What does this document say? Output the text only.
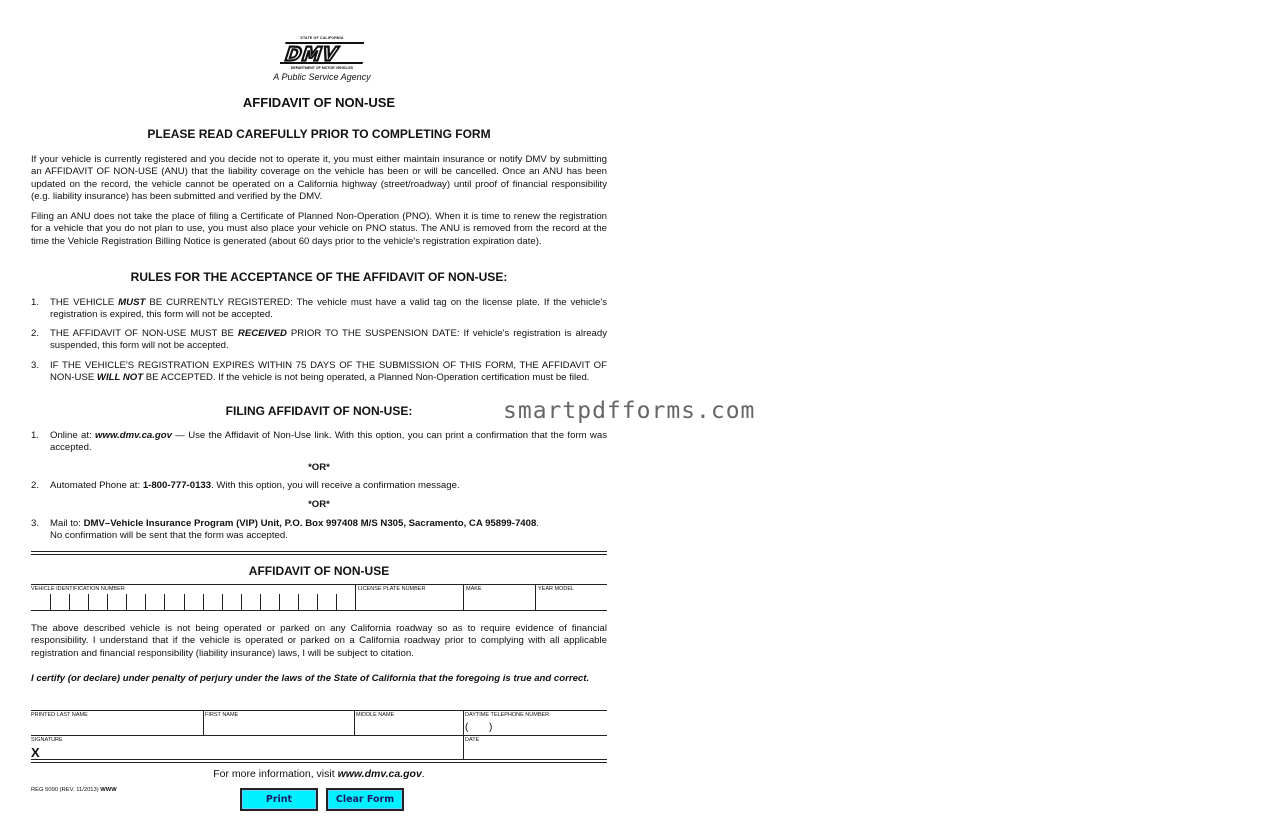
STATE OF CALIFORNIA
DMV
DEPARTMENT OF MOTOR VEHICLES
A Public Service Agency
AFFIDAVIT OF NON-USE
PLEASE READ CAREFULLY PRIOR TO COMPLETING FORM

If your vehicle is currently registered and you decide not to operate it, you must either maintain insurance or notify DMV by submitting an AFFIDAVIT OF NON-USE (ANU) that the liability coverage on the vehicle has been or will be cancelled. Once an ANU has been updated on the record, the vehicle cannot be operated on a California highway (street/roadway) until proof of financial responsibility (e.g. liability insurance) has been submitted and verified by the DMV.

Filing an ANU does not take the place of filing a Certificate of Planned Non-Operation (PNO). When it is time to renew the registration for a vehicle that you do not plan to use, you must also place your vehicle on PNO status. The ANU is removed from the record at the time the Vehicle Registration Billing Notice is generated (about 60 days prior to the vehicle's registration expiration date).

RULES FOR THE ACCEPTANCE OF THE AFFIDAVIT OF NON-USE:
1. THE VEHICLE MUST BE CURRENTLY REGISTERED: The vehicle must have a valid tag on the license plate. If the vehicle's registration is expired, this form will not be accepted.
2. THE AFFIDAVIT OF NON-USE MUST BE RECEIVED PRIOR TO THE SUSPENSION DATE: If vehicle's registration is already suspended, this form will not be accepted.
3. IF THE VEHICLE'S REGISTRATION EXPIRES WITHIN 75 DAYS OF THE SUBMISSION OF THIS FORM, THE AFFIDAVIT OF NON-USE WILL NOT BE ACCEPTED. If the vehicle is not being operated, a Planned Non-Operation certification must be filed.
FILING AFFIDAVIT OF NON-USE:
1. Online at: www.dmv.ca.gov — Use the Affidavit of Non-Use link. With this option, you can print a confirmation that the form was accepted.
*OR*
2. Automated Phone at: 1-800-777-0133. With this option, you will receive a confirmation message.
*OR*
3. Mail to: DMV–Vehicle Insurance Program (VIP) Unit, P.O. Box 997408 M/S N305, Sacramento, CA 95899-7408.
No confirmation will be sent that the form was accepted.
AFFIDAVIT OF NON-USE
VEHICLE IDENTIFICATION NUMBER	LICENSE PLATE NUMBER	MAKE	YEAR MODEL

The above described vehicle is not being operated or parked on any California roadway so as to require evidence of financial responsibility. I understand that if the vehicle is operated or parked on a California roadway prior to complying with all applicable registration and financial responsibility (liability insurance) laws, I will be subject to citation.

I certify (or declare) under penalty of perjury under the laws of the State of California that the foregoing is true and correct.

PRINTED LAST NAME	FIRST NAME	MIDDLE NAME	DAYTIME TELEPHONE NUMBER
( )
SIGNATURE
X
DATE
For more information, visit www.dmv.ca.gov.
REG 5090 (REV. 11/2013) WWW
Print	Clear Form
smartpdfforms.com
